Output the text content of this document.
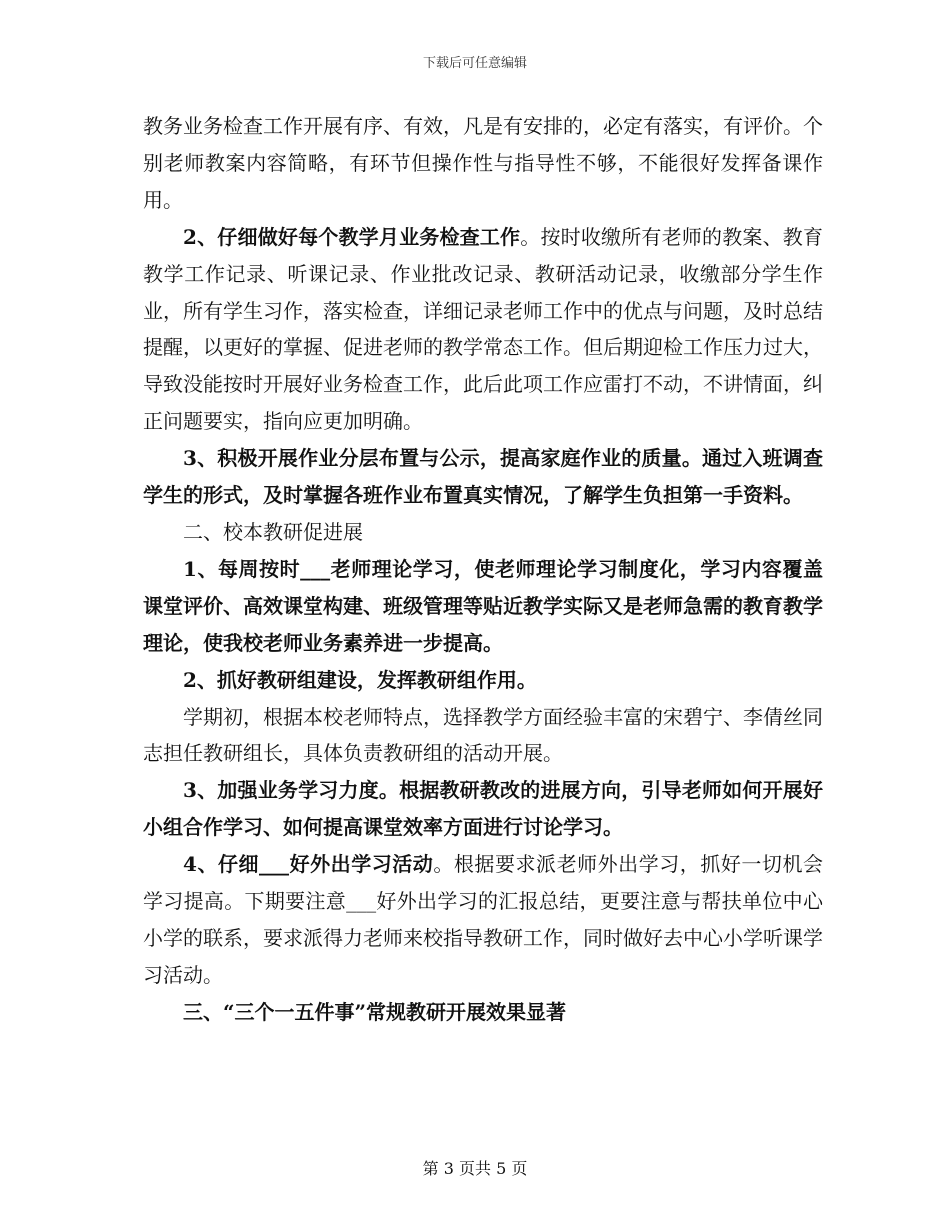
下载后可任意编辑

教务业务检查工作开展有序、有效，凡是有安排的，必定有落实，有评价。个别老师教案内容简略，有环节但操作性与指导性不够，不能很好发挥备课作用。

2、仔细做好每个教学月业务检查工作。按时收缴所有老师的教案、教育教学工作记录、听课记录、作业批改记录、教研活动记录，收缴部分学生作业，所有学生习作，落实检查，详细记录老师工作中的优点与问题，及时总结提醒，以更好的掌握、促进老师的教学常态工作。但后期迎检工作压力过大，导致没能按时开展好业务检查工作，此后此项工作应雷打不动，不讲情面，纠正问题要实，指向应更加明确。

3、积极开展作业分层布置与公示，提高家庭作业的质量。通过入班调查学生的形式，及时掌握各班作业布置真实情况，了解学生负担第一手资料。

二、校本教研促进展

1、每周按时___老师理论学习，使老师理论学习制度化，学习内容覆盖课堂评价、高效课堂构建、班级管理等贴近教学实际又是老师急需的教育教学理论，使我校老师业务素养进一步提高。

2、抓好教研组建设，发挥教研组作用。

学期初，根据本校老师特点，选择教学方面经验丰富的宋碧宁、李倩丝同志担任教研组长，具体负责教研组的活动开展。

3、加强业务学习力度。根据教研教改的进展方向，引导老师如何开展好小组合作学习、如何提高课堂效率方面进行讨论学习。

4、仔细___好外出学习活动。根据要求派老师外出学习，抓好一切机会学习提高。下期要注意___好外出学习的汇报总结，更要注意与帮扶单位中心小学的联系，要求派得力老师来校指导教研工作，同时做好去中心小学听课学习活动。

三、“三个一五件事”常规教研开展效果显著

第 3 页共 5 页
